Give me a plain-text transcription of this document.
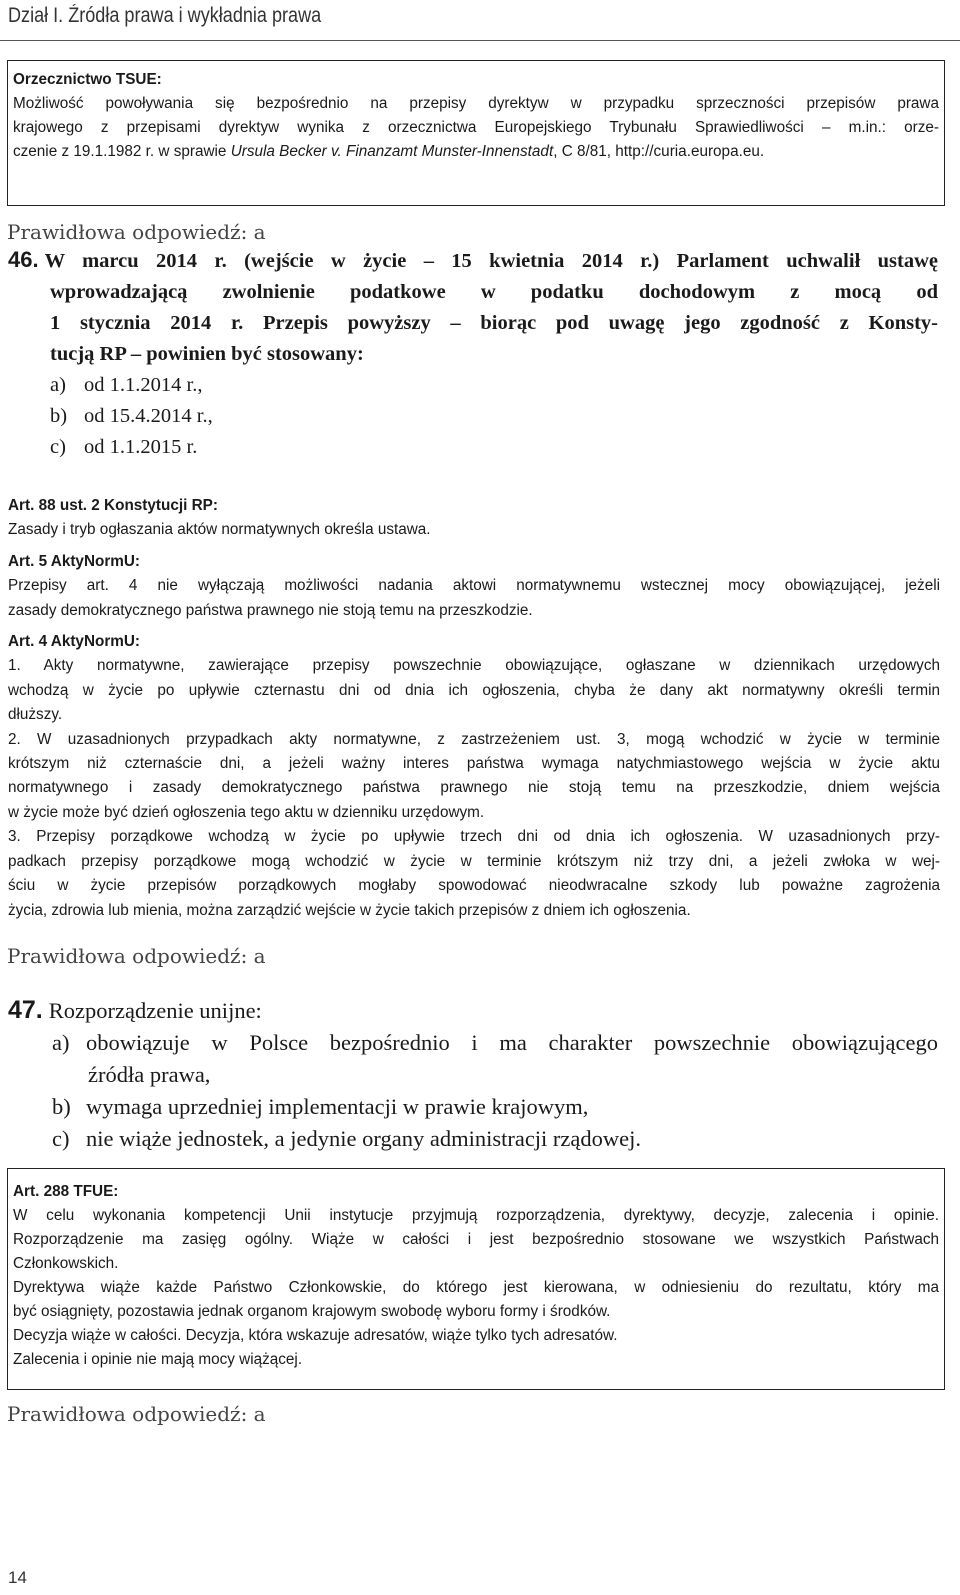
Dział I. Źródła prawa i wykładnia prawa
Orzecznictwo TSUE:

Możliwość powoływania się bezpośrednio na przepisy dyrektyw w przypadku sprzeczności przepisów prawa

krajowego z przepisami dyrektyw wynika z orzecznictwa Europejskiego Trybunału Sprawiedliwości – m.in.: orze-

czenie z 19.1.1982 r. w sprawie Ursula Becker v. Finanzamt Munster-Innenstadt, C 8/81, http://curia.europa.eu.

Prawidłowa odpowiedź: a
46. W marcu 2014 r. (wejście w życie – 15 kwietnia 2014 r.) Parlament uchwalił ustawę
wprowadzającą zwolnienie podatkowe w podatku dochodowym z mocą od
1 stycznia 2014 r. Przepis powyższy – biorąc pod uwagę jego zgodność z Konsty-
tucją RP – powinien być stosowany:
a) od 1.1.2014 r.,
b) od 15.4.2014 r.,
c) od 1.1.2015 r.

Art. 88 ust. 2 Konstytucji RP:

Zasady i tryb ogłaszania aktów normatywnych określa ustawa.

Art. 5 AktyNormU:

Przepisy art. 4 nie wyłączają możliwości nadania aktowi normatywnemu wstecznej mocy obowiązującej, jeżeli

zasady demokratycznego państwa prawnego nie stoją temu na przeszkodzie.

Art. 4 AktyNormU:

1. Akty normatywne, zawierające przepisy powszechnie obowiązujące, ogłaszane w dziennikach urzędowych

wchodzą w życie po upływie czternastu dni od dnia ich ogłoszenia, chyba że dany akt normatywny określi termin

dłuższy.

2. W uzasadnionych przypadkach akty normatywne, z zastrzeżeniem ust. 3, mogą wchodzić w życie w terminie

krótszym niż czternaście dni, a jeżeli ważny interes państwa wymaga natychmiastowego wejścia w życie aktu

normatywnego i zasady demokratycznego państwa prawnego nie stoją temu na przeszkodzie, dniem wejścia

w życie może być dzień ogłoszenia tego aktu w dzienniku urzędowym.

3. Przepisy porządkowe wchodzą w życie po upływie trzech dni od dnia ich ogłoszenia. W uzasadnionych przy-

padkach przepisy porządkowe mogą wchodzić w życie w terminie krótszym niż trzy dni, a jeżeli zwłoka w wej-

ściu w życie przepisów porządkowych mogłaby spowodować nieodwracalne szkody lub poważne zagrożenia

życia, zdrowia lub mienia, można zarządzić wejście w życie takich przepisów z dniem ich ogłoszenia.

Prawidłowa odpowiedź: a
47. Rozporządzenie unijne:
a) obowiązuje w Polsce bezpośrednio i ma charakter powszechnie obowiązującego
źródła prawa,
b) wymaga uprzedniej implementacji w prawie krajowym,
c) nie wiąże jednostek, a jedynie organy administracji rządowej.
Art. 288 TFUE:

W celu wykonania kompetencji Unii instytucje przyjmują rozporządzenia, dyrektywy, decyzje, zalecenia i opinie.

Rozporządzenie ma zasięg ogólny. Wiąże w całości i jest bezpośrednio stosowane we wszystkich Państwach

Członkowskich.

Dyrektywa wiąże każde Państwo Członkowskie, do którego jest kierowana, w odniesieniu do rezultatu, który ma

być osiągnięty, pozostawia jednak organom krajowym swobodę wyboru formy i środków.

Decyzja wiąże w całości. Decyzja, która wskazuje adresatów, wiąże tylko tych adresatów.

Zalecenia i opinie nie mają mocy wiążącej.

Prawidłowa odpowiedź: a
14
